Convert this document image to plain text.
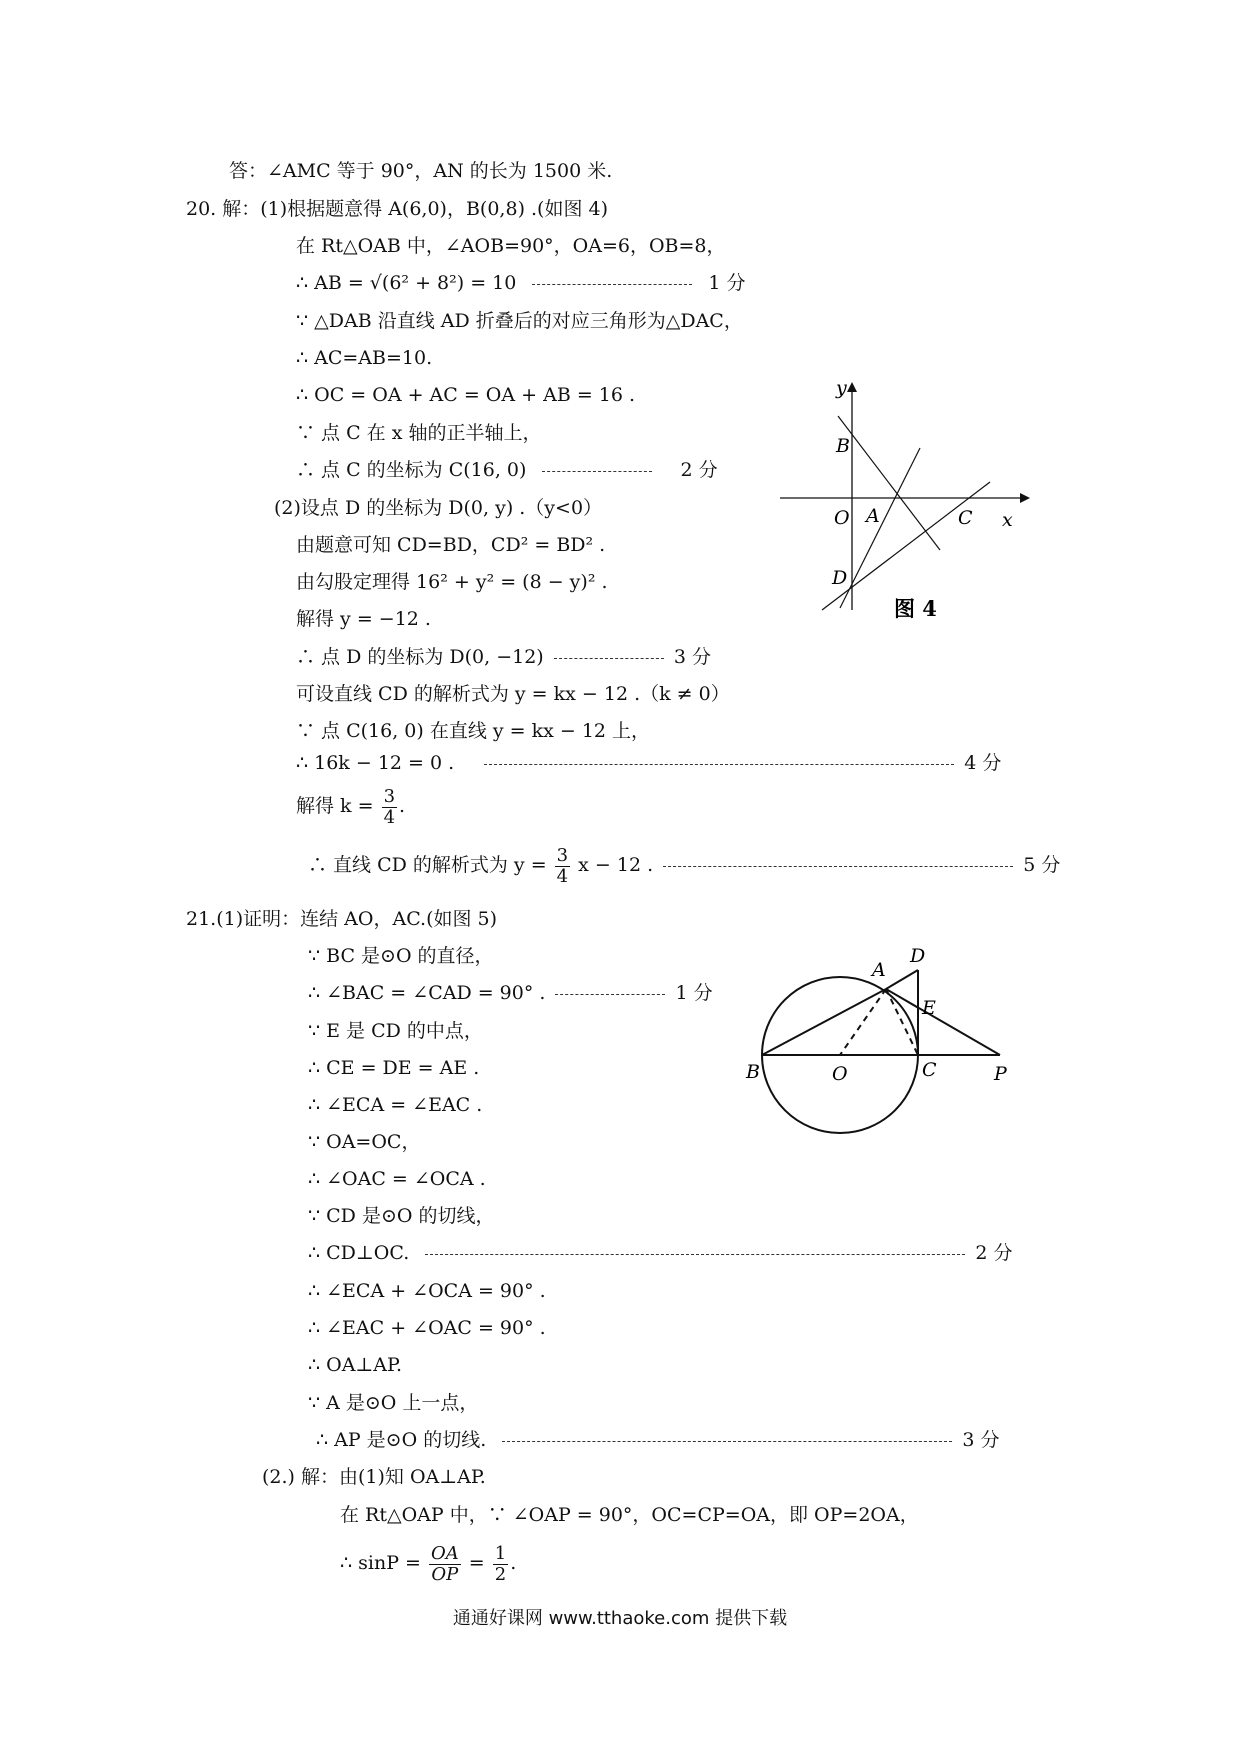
答：∠AMC 等于 90°，AN 的长为 1500 米.
20. 解：(1)根据题意得 A(6,0)，B(0,8) .(如图 4)
在 Rt△OAB 中，∠AOB=90°，OA=6，OB=8，
∴ AB = √(6² + 8²) = 10	1 分
∵ △DAB 沿直线 AD 折叠后的对应三角形为△DAC，
∴ AC=AB=10.
∴ OC = OA + AC = OA + AB = 16 .
∵ 点 C 在 x 轴的正半轴上，
∴ 点 C 的坐标为 C(16, 0)	2 分
(2)设点 D 的坐标为 D(0, y) .（y<0）
由题意可知 CD=BD，CD² = BD² .
由勾股定理得 16² + y² = (8 − y)² .
解得 y = −12 .
∴ 点 D 的坐标为 D(0, −12)	3 分
可设直线 CD 的解析式为 y = kx − 12 .（k ≠ 0）
∵ 点 C(16, 0) 在直线 y = kx − 12 上，
∴ 16k − 12 = 0 .	4 分
解得 $k = \frac{3}{4}$ .
∴ 直线 CD 的解析式为 $y = \frac{3}{4}$ x − 12 .	5 分
21.(1)证明：连结 AO，AC.(如图 5)
∵ BC 是⊙O 的直径，
∴ ∠BAC = ∠CAD = 90° .	1 分
∵ E 是 CD 的中点，
∴ CE = DE = AE .
∴ ∠ECA = ∠EAC .
∵ OA=OC，
∴ ∠OAC = ∠OCA .
∵ CD 是⊙O 的切线，
∴ CD⊥OC.	2 分
∴ ∠ECA + ∠OCA = 90° .
∴ ∠EAC + ∠OAC = 90° .
∴ OA⊥AP.
∵ A 是⊙O 上一点，
∴ AP 是⊙O 的切线.	3 分
(2.) 解：由(1)知 OA⊥AP.
在 Rt△OAP 中，∵ ∠OAP = 90°，OC=CP=OA，即 OP=2OA，
∴ $\sin P = \frac{OA}{OP} = \frac{1}{2}$ .
y
x
B
O A	C
D
图 4
A
D
E
B	O	C	P
通通好课网 www.tthaoke.com 提供下载
